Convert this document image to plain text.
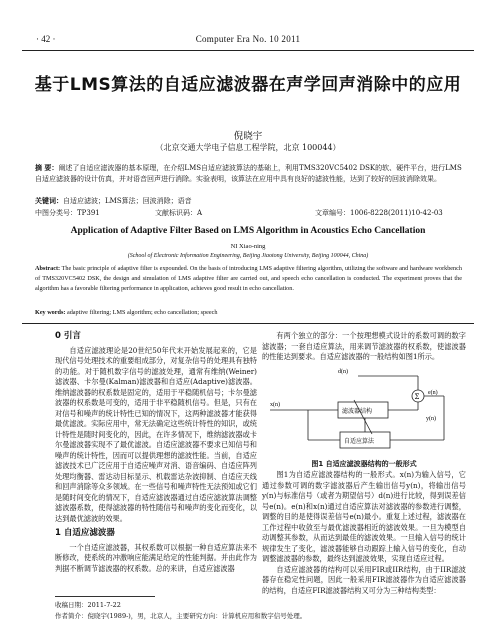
· 42 ·	Computer Era No. 10 2011
基于LMS算法的自适应滤波器在声学回声消除中的应用
倪晓宇
（北京交通大学电子信息工程学院，北京 100044）
摘 要：阐述了自适应滤波器的基本原理，在介绍LMS自适应滤波算法的基础上，利用TMS320VC5402 DSK的软、硬件平台，进行LMS自适应滤波器的设计仿真，并对语音回声进行消除。实验表明，该算法在应用中具有良好的滤波性能，达到了较好的回波消除效果。
关键词：自适应滤波；LMS算法；回波消除；语音
中图分类号：TP391	文献标识码：A	文章编号：1006-8228(2011)10-42-03
Application of Adaptive Filter Based on LMS Algorithm in Acoustics Echo Cancellation
NI Xiao-ning
(School of Electronic Information Engineering, Beijing Jiaotong University, Beijing 100044, China)
Abstract: The basic principle of adaptive filter is expounded. On the basis of introducing LMS adaptive filtering algorithm, utilizing the software and hardware workbench of TMS320VC5402 DSK, the design and simulation of LMS adaptive filter are carried out, and speech echo cancellation is conducted. The experiment proves that the algorithm has a favorable filtering performance in application, achieves good result in echo cancellation.
Key words: adaptive filtering; LMS algorithm; echo cancellation; speech
0 引言

自适应滤波理论是20世纪50年代末开始发展起来的，它是现代信号处理技术的重要组成部分，对复杂信号的处理具有独特的功能。对于随机数字信号的滤波处理，通常有维纳(Weiner)滤波器、卡尔曼(Kalman)滤波器和自适应(Adaptive)滤波器。维纳滤波器的权系数是固定的，适用于平稳随机信号；卡尔曼滤波器的权系数是可变的，适用于非平稳随机信号。但是，只有在对信号和噪声的统计特性已知的情况下，这两种滤波器才能获得最优滤波。实际应用中，常无法确定这些统计特性的知识，或统计特性是随时间变化的，因此，在许多情况下，维纳滤波器或卡尔曼滤波器实现不了最优滤波。自适应滤波器不要求已知信号和噪声的统计特性，因而可以提供理想的滤波性能。当前，自适应滤波技术已广泛应用于自适应噪声对消、语音编码、自适应阵列处理均衡器、雷达动目标显示、机载雷达杂波抑制、自适应天线和回声消除等众多领域。在一些信号和噪声特性无法预知或它们是随时间变化的情况下，自适应滤波器通过自适应滤波算法调整滤波器系数，使得滤波器的特性随信号和噪声的变化而变化，以达到最优滤波的效果。

1 自适应滤波器

一个自适应滤波器，其权系数可以根据一种自适应算法来不断修改，使系统的冲激响应能满足给定的性能判据。并由此作为判据不断调节滤波器的权系数。总的来讲，自适应滤波器

有两个独立的部分：一个按理想模式设计的系数可调的数字滤波器；一套自适应算法，用来调节滤波器的权系数，使滤波器的性能达到要求。自适应滤波器的一般结构如图1所示。

d(n)
Σ e(n)
x(n)
滤波器结构
y(n)
自适应算法
图1 自适应滤波器结构的一般形式

图1为自适应滤波器结构的一般形式。x(n)为输入信号，它通过参数可调的数字滤波器后产生输出信号y(n)，将输出信号y(n)与标准信号（或者为期望信号）d(n)进行比较，得到误差信号e(n)。e(n)和x(n)通过自适应算法对滤波器的参数进行调整，调整的目的是使得误差信号e(n)最小。重复上述过程，滤波器在工作过程中收敛至与最优滤波器相近的滤波效果。一旦为模型自动调整其参数，从而达到最佳的滤波效果。一旦输入信号的统计规律发生了变化，滤波器能够自动跟踪上输入信号的变化，自动调整滤波器的参数，最终达到滤波效果，实现自适应过程。

自适应滤波器的结构可以采用FIR或IIR结构，由于IIR滤波器存在稳定性问题，因此一般采用FIR滤波器作为自适应滤波器的结构，自适应FIR滤波器结构又可分为三种结构类型：

收稿日期：2011-7-22
作者简介：倪晓宇(1989-)，男，北京人，主要研究方向：计算机应用和数字信号处理。
